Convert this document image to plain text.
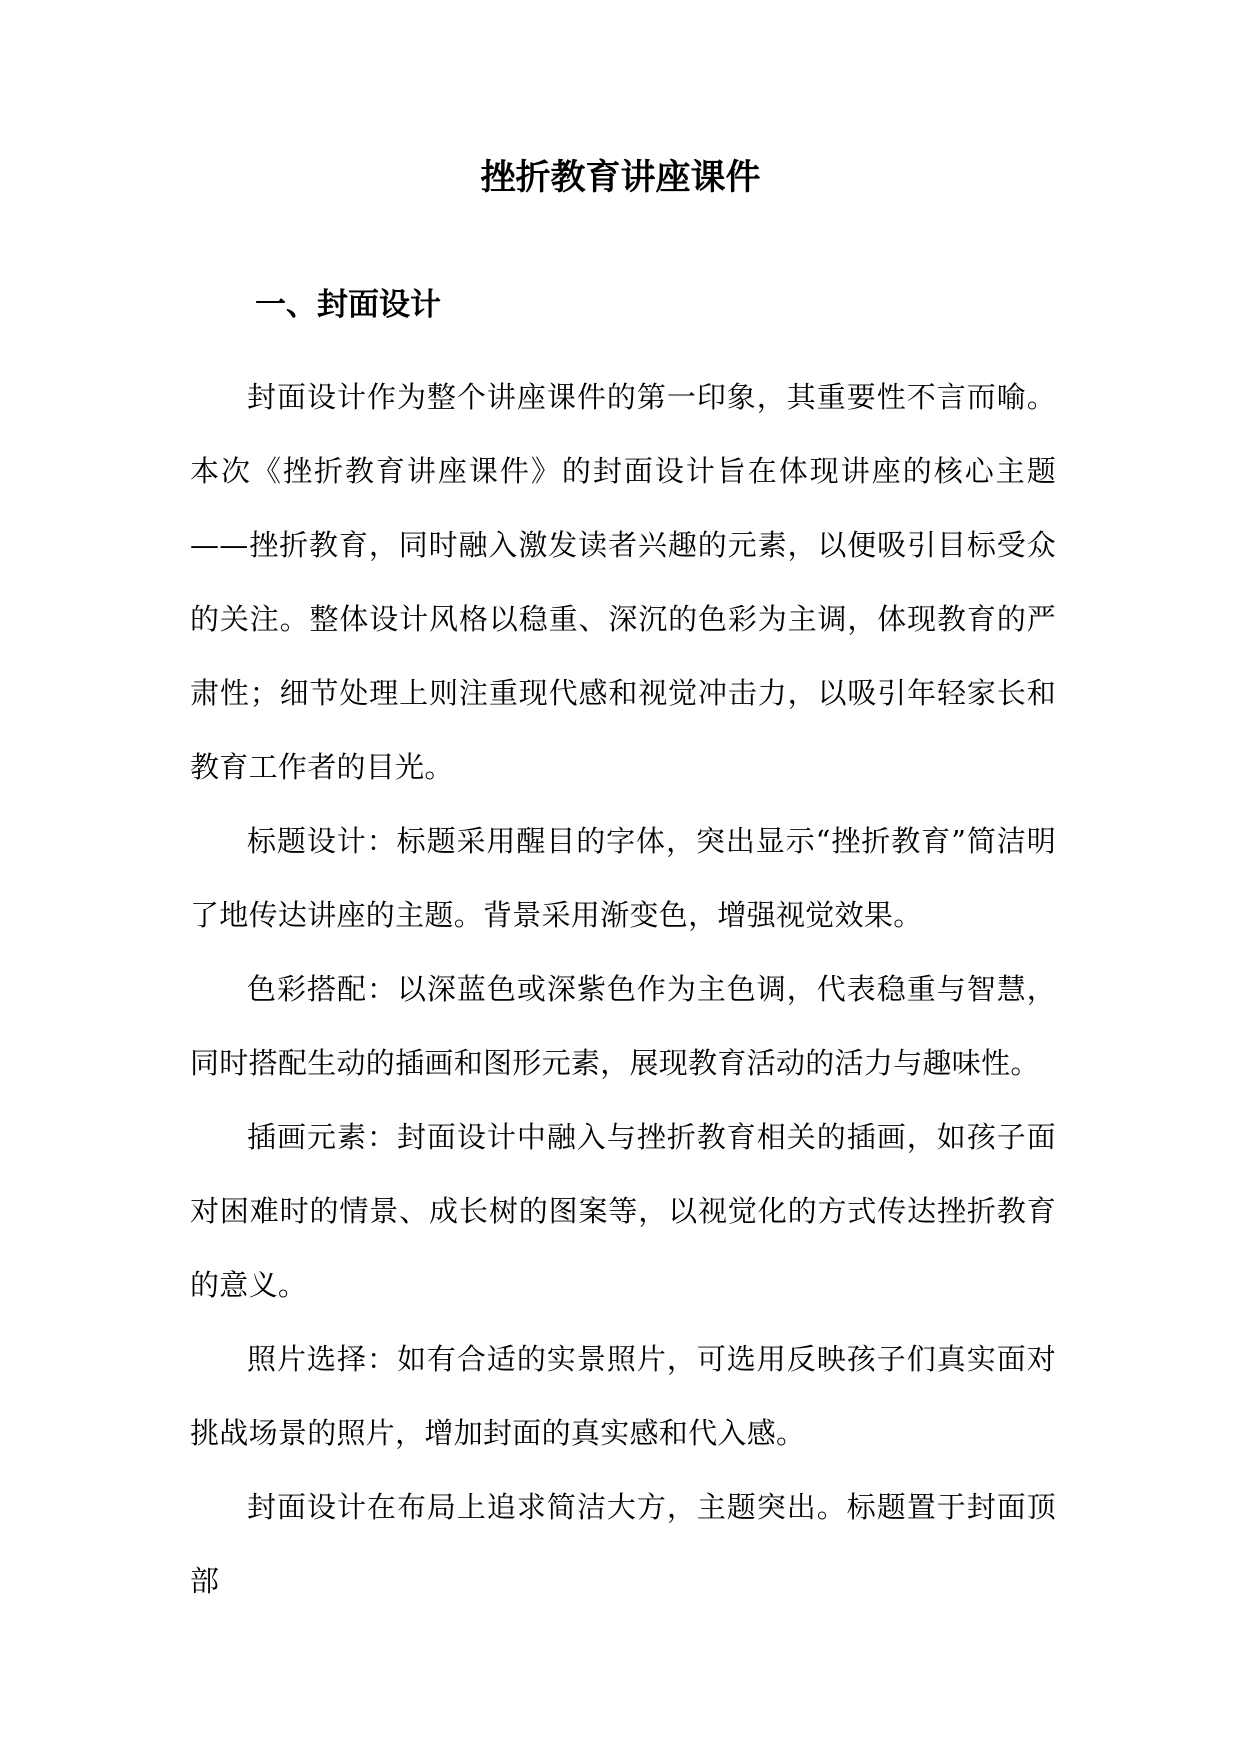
挫折教育讲座课件
一、封面设计

封面设计作为整个讲座课件的第一印象，其重要性不言而喻。本次《挫折教育讲座课件》的封面设计旨在体现讲座的核心主题——挫折教育，同时融入激发读者兴趣的元素，以便吸引目标受众的关注。整体设计风格以稳重、深沉的色彩为主调，体现教育的严肃性；细节处理上则注重现代感和视觉冲击力，以吸引年轻家长和教育工作者的目光。

标题设计：标题采用醒目的字体，突出显示“挫折教育”简洁明了地传达讲座的主题。背景采用渐变色，增强视觉效果。

色彩搭配：以深蓝色或深紫色作为主色调，代表稳重与智慧，同时搭配生动的插画和图形元素，展现教育活动的活力与趣味性。

插画元素：封面设计中融入与挫折教育相关的插画，如孩子面对困难时的情景、成长树的图案等，以视觉化的方式传达挫折教育的意义。

照片选择：如有合适的实景照片，可选用反映孩子们真实面对挑战场景的照片，增加封面的真实感和代入感。

封面设计在布局上追求简洁大方，主题突出。标题置于封面顶部
